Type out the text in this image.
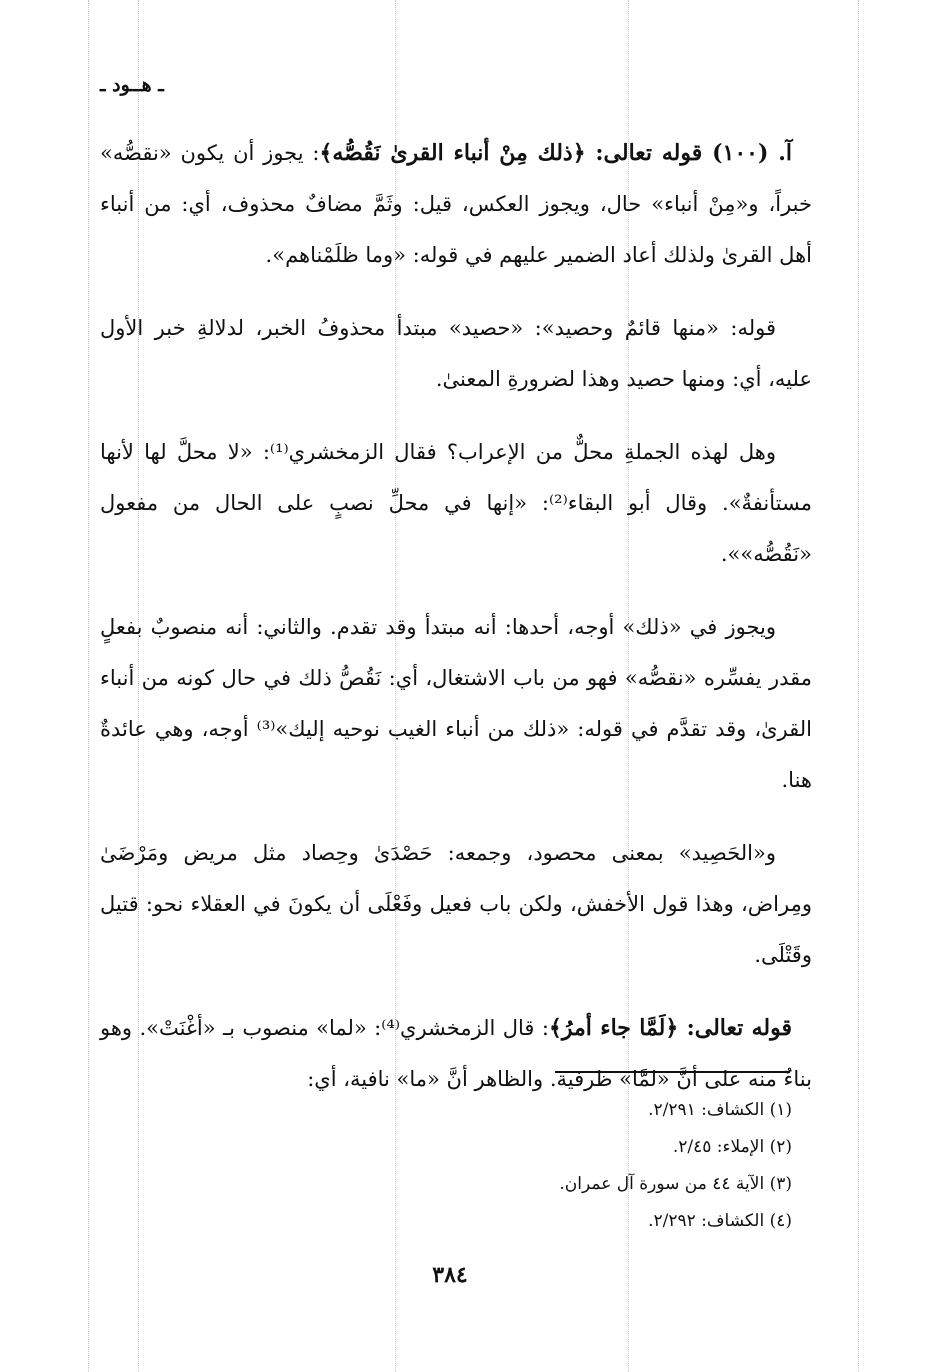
ـ هــود ـ

آ. (١٠٠) قوله تعالى: ﴿ذلك مِنْ أنباء القرىٰ نَقُصُّه﴾: يجوز أن يكون «نقصُّه» خبراً، و«مِنْ أنباء» حال، ويجوز العكس، قيل: وثَمَّ مضافٌ محذوف، أي: من أنباء أهل القرىٰ ولذلك أعاد الضمير عليهم في قوله: «وما ظلَمْناهم».

قوله: «منها قائمٌ وحصيد»: «حصيد» مبتدأ محذوفُ الخبر، لدلالةِ خبر الأول عليه، أي: ومنها حصيد وهذا لضرورةِ المعنىٰ.

وهل لهذه الجملةِ محلٌّ من الإعراب؟ فقال الزمخشري⁽¹⁾: «لا محلَّ لها لأنها مستأنفةٌ». وقال أبو البقاء⁽²⁾: «إنها في محلِّ نصبٍ على الحال من مفعول «نَقُصُّه»».

ويجوز في «ذلك» أوجه، أحدها: أنه مبتدأ وقد تقدم. والثاني: أنه منصوبٌ بفعلٍ مقدر يفسِّره «نقصُّه» فهو من باب الاشتغال، أي: نَقُصُّ ذلك في حال كونه من أنباء القرىٰ، وقد تقدَّم في قوله: «ذلك من أنباء الغيب نوحيه إليك»⁽³⁾ أوجه، وهي عائدةٌ هنا.

و«الحَصِيد» بمعنى محصود، وجمعه: حَصْدَىٰ وحِصاد مثل مريض ومَرْضَىٰ ومِراض، وهذا قول الأخفش، ولكن باب فعيل وفَعْلَى أن يكونَ في العقلاء نحو: قتيل وقَتْلَى.

قوله تعالى: ﴿لَمَّا جاء أمرُ﴾: قال الزمخشري⁽⁴⁾: «لما» منصوب بـ «أغْنَتْ». وهو بناءٌ منه على أنَّ «لمَّا» ظرفية. والظاهر أنَّ «ما» نافية، أي:

(١) الكشاف: ٢/٢٩١.
(٢) الإملاء: ٢/٤٥.
(٣) الآية ٤٤ من سورة آل عمران.
(٤) الكشاف: ٢/٢٩٢.
٣٨٤
